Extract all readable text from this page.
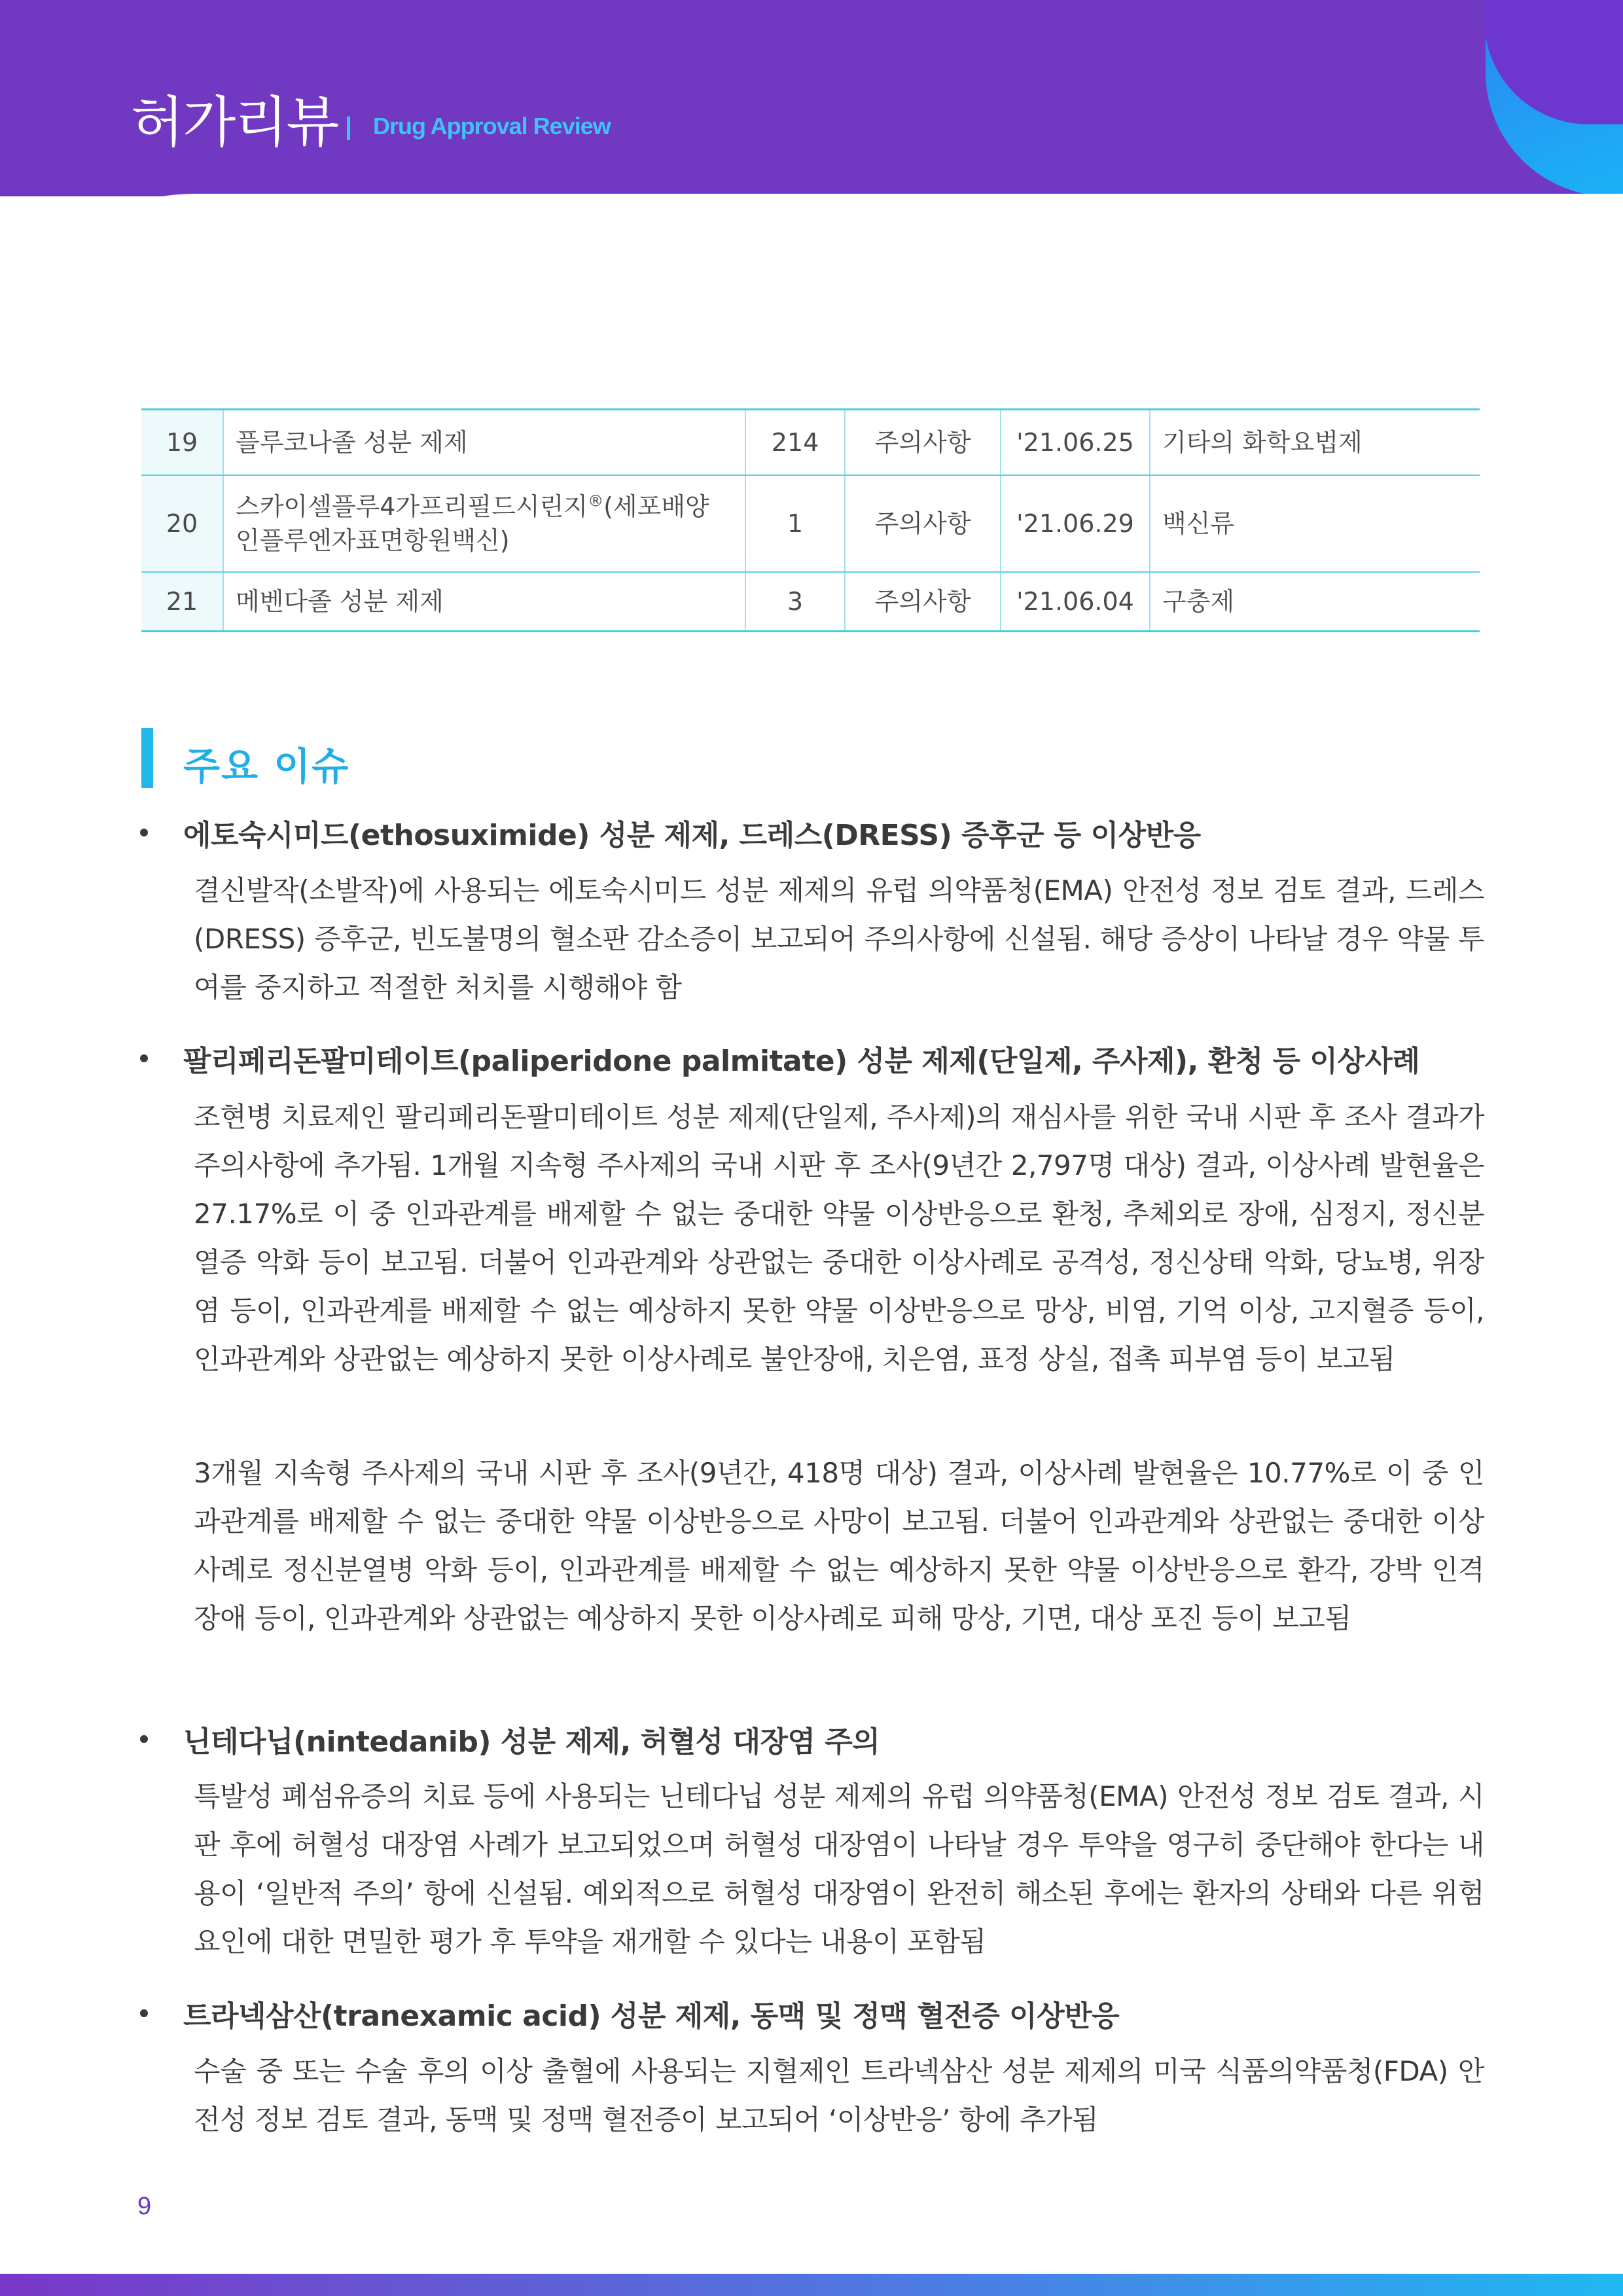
허가리뷰 Drug Approval Review
19	플루코나졸 성분 제제	214	주의사항	'21.06.25	기타의 화학요법제
20	스카이셀플루4가프리필드시린지®(세포배양 인플루엔자표면항원백신)	1	주의사항	'21.06.29	백신류
21	메벤다졸 성분 제제	3	주의사항	'21.06.04	구충제
주요 이슈
에토숙시미드(ethosuximide) 성분 제제, 드레스(DRESS) 증후군 등 이상반응
결신발작(소발작)에 사용되는 에토숙시미드 성분 제제의 유럽 의약품청(EMA) 안전성 정보 검토 결과, 드레스(DRESS) 증후군, 빈도불명의 혈소판 감소증이 보고되어 주의사항에 신설됨. 해당 증상이 나타날 경우 약물 투여를 중지하고 적절한 처치를 시행해야 함
팔리페리돈팔미테이트(paliperidone palmitate) 성분 제제(단일제, 주사제), 환청 등 이상사례
조현병 치료제인 팔리페리돈팔미테이트 성분 제제(단일제, 주사제)의 재심사를 위한 국내 시판 후 조사 결과가 주의사항에 추가됨. 1개월 지속형 주사제의 국내 시판 후 조사(9년간 2,797명 대상) 결과, 이상사례 발현율은 27.17%로 이 중 인과관계를 배제할 수 없는 중대한 약물 이상반응으로 환청, 추체외로 장애, 심정지, 정신분열증 악화 등이 보고됨. 더불어 인과관계와 상관없는 중대한 이상사례로 공격성, 정신상태 악화, 당뇨병, 위장염 등이, 인과관계를 배제할 수 없는 예상하지 못한 약물 이상반응으로 망상, 비염, 기억 이상, 고지혈증 등이, 인과관계와 상관없는 예상하지 못한 이상사례로 불안장애, 치은염, 표정 상실, 접촉 피부염 등이 보고됨
3개월 지속형 주사제의 국내 시판 후 조사(9년간, 418명 대상) 결과, 이상사례 발현율은 10.77%로 이 중 인과관계를 배제할 수 없는 중대한 약물 이상반응으로 사망이 보고됨. 더불어 인과관계와 상관없는 중대한 이상사례로 정신분열병 악화 등이, 인과관계를 배제할 수 없는 예상하지 못한 약물 이상반응으로 환각, 강박 인격 장애 등이, 인과관계와 상관없는 예상하지 못한 이상사례로 피해 망상, 기면, 대상 포진 등이 보고됨
닌테다닙(nintedanib) 성분 제제, 허혈성 대장염 주의
특발성 폐섬유증의 치료 등에 사용되는 닌테다닙 성분 제제의 유럽 의약품청(EMA) 안전성 정보 검토 결과, 시판 후에 허혈성 대장염 사례가 보고되었으며 허혈성 대장염이 나타날 경우 투약을 영구히 중단해야 한다는 내용이 ‘일반적 주의’ 항에 신설됨. 예외적으로 허혈성 대장염이 완전히 해소된 후에는 환자의 상태와 다른 위험 요인에 대한 면밀한 평가 후 투약을 재개할 수 있다는 내용이 포함됨
트라넥삼산(tranexamic acid) 성분 제제, 동맥 및 정맥 혈전증 이상반응
수술 중 또는 수술 후의 이상 출혈에 사용되는 지혈제인 트라넥삼산 성분 제제의 미국 식품의약품청(FDA) 안전성 정보 검토 결과, 동맥 및 정맥 혈전증이 보고되어 ‘이상반응’ 항에 추가됨
9
